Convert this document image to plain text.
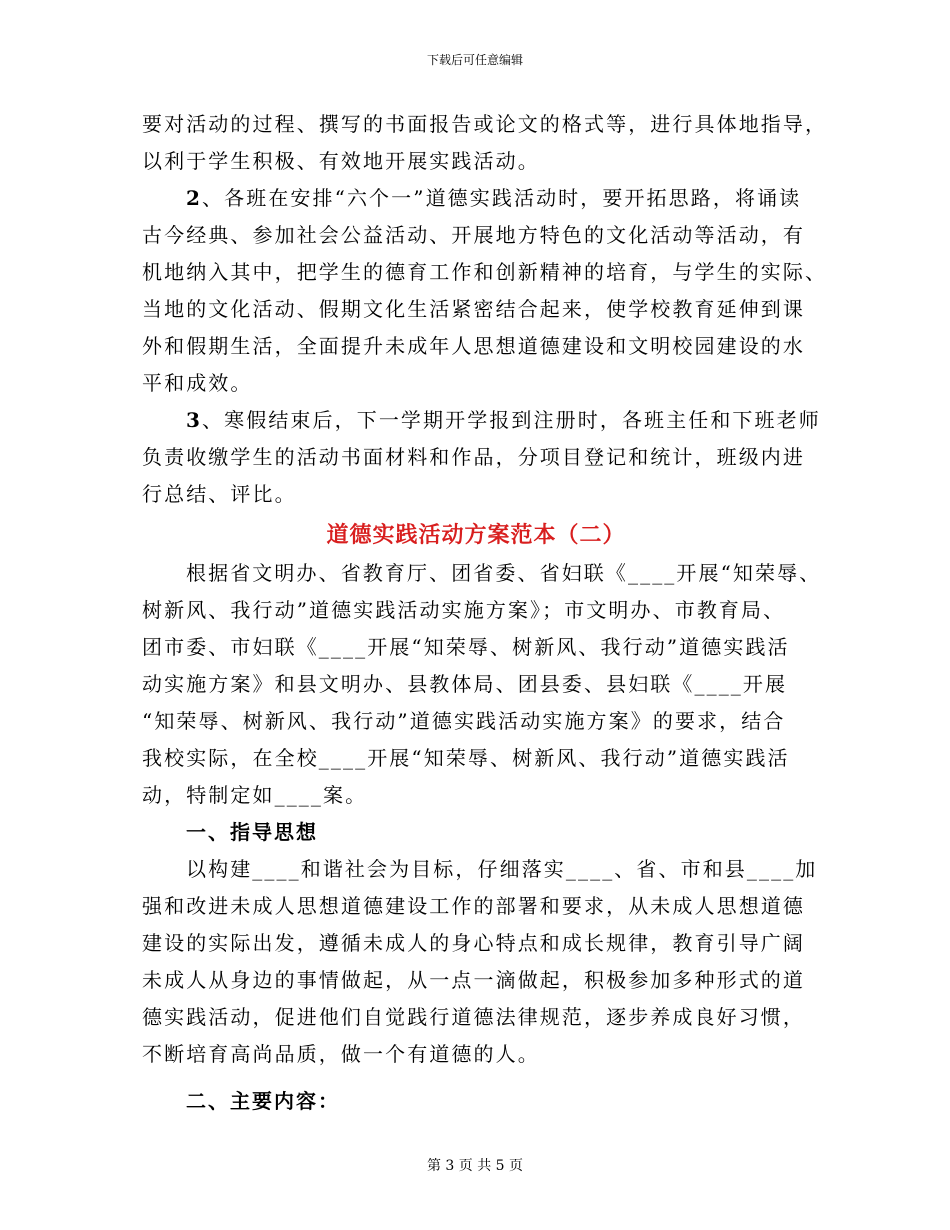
下载后可任意编辑

要对活动的过程、撰写的书面报告或论文的格式等，进行具体地指导，
以利于学生积极、有效地开展实践活动。

2、各班在安排“六个一”道德实践活动时，要开拓思路，将诵读
古今经典、参加社会公益活动、开展地方特色的文化活动等活动，有
机地纳入其中，把学生的德育工作和创新精神的培育，与学生的实际、
当地的文化活动、假期文化生活紧密结合起来，使学校教育延伸到课
外和假期生活，全面提升未成年人思想道德建设和文明校园建设的水
平和成效。

3、寒假结束后，下一学期开学报到注册时，各班主任和下班老师
负责收缴学生的活动书面材料和作品，分项目登记和统计，班级内进
行总结、评比。

道德实践活动方案范本（二）

根据省文明办、省教育厅、团省委、省妇联《____开展“知荣辱、
树新风、我行动”道德实践活动实施方案》；市文明办、市教育局、
团市委、市妇联《____开展“知荣辱、树新风、我行动”道德实践活
动实施方案》和县文明办、县教体局、团县委、县妇联《____开展
“知荣辱、树新风、我行动”道德实践活动实施方案》的要求，结合
我校实际，在全校____开展“知荣辱、树新风、我行动”道德实践活
动，特制定如____案。

一、指导思想

以构建____和谐社会为目标，仔细落实____、省、市和县____加
强和改进未成人思想道德建设工作的部署和要求，从未成人思想道德
建设的实际出发，遵循未成人的身心特点和成长规律，教育引导广阔
未成人从身边的事情做起，从一点一滴做起，积极参加多种形式的道
德实践活动，促进他们自觉践行道德法律规范，逐步养成良好习惯，
不断培育高尚品质，做一个有道德的人。

二、主要内容：
第 3 页 共 5 页
